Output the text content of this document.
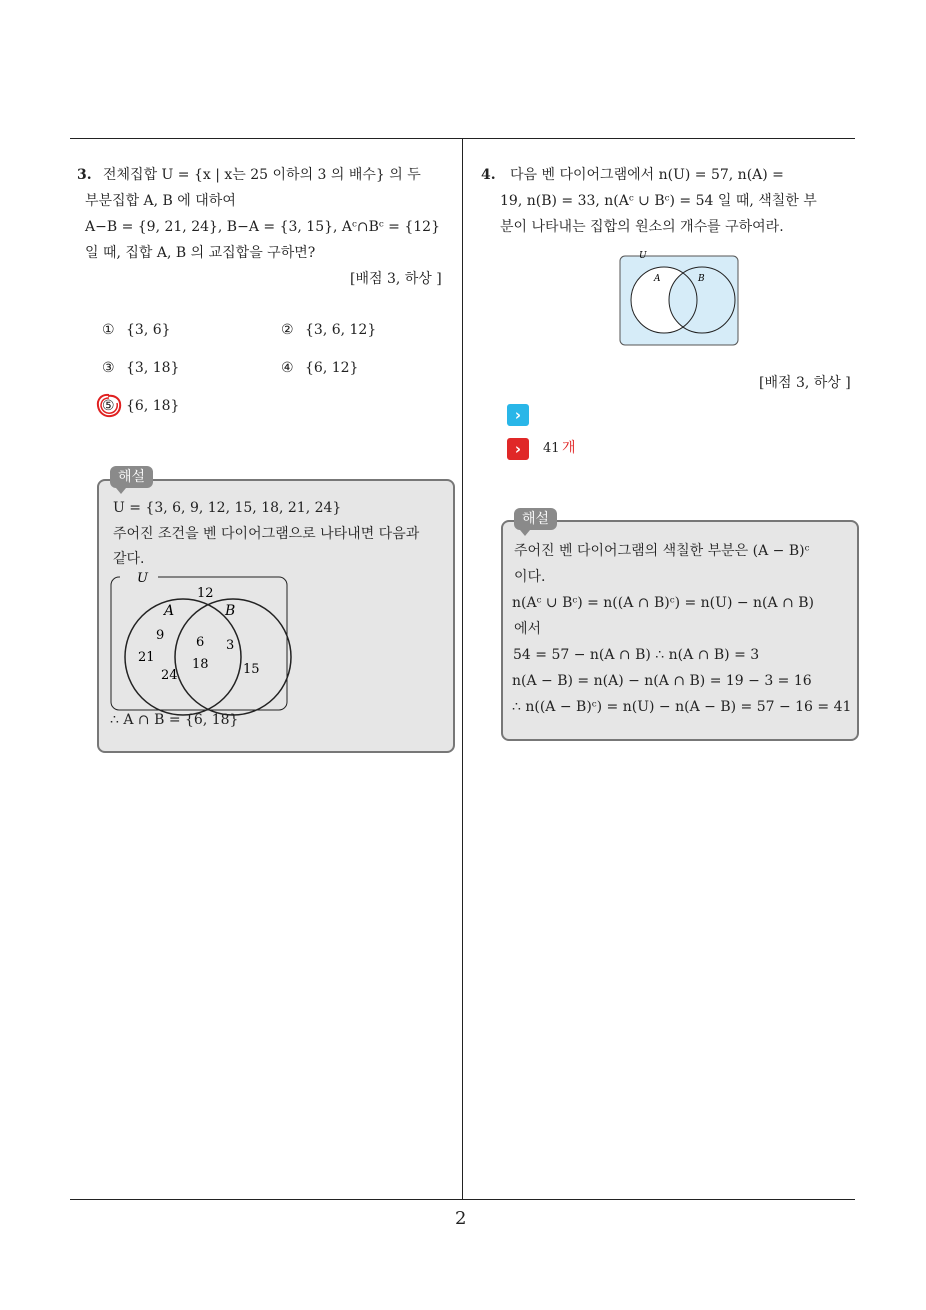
2
3. 전체집합 U = {x | x는 25 이하의 3 의 배수} 의 두
부분집합 A, B 에 대하여
A−B = {9, 21, 24}, B−A = {3, 15}, Aᶜ∩Bᶜ = {12}
일 때, 집합 A, B 의 교집합을 구하면?
[배점 3, 하상 ]
① {3, 6}	② {3, 6, 12}
③ {3, 18}	④ {6, 12}
⑤ {6, 18}
해설
U = {3, 6, 9, 12, 15, 18, 21, 24}
주어진 조건을 벤 다이어그램으로 나타내면 다음과
같다.
U
A	B
12
9
21
24
6
18
3
15
∴ A ∩ B = {6, 18}
4. 다음 벤 다이어그램에서 n(U) = 57, n(A) =
19, n(B) = 33, n(Aᶜ ∪ Bᶜ) = 54 일 때, 색칠한 부
분이 나타내는 집합의 원소의 개수를 구하여라.
U
A	B
[배점 3, 하상 ]
›
›	41 개
해설
주어진 벤 다이어그램의 색칠한 부분은 (A − B)ᶜ
이다.
n(Aᶜ ∪ Bᶜ) = n((A ∩ B)ᶜ) = n(U) − n(A ∩ B)
에서
54 = 57 − n(A ∩ B) ∴ n(A ∩ B) = 3
n(A − B) = n(A) − n(A ∩ B) = 19 − 3 = 16
∴ n((A − B)ᶜ) = n(U) − n(A − B) = 57 − 16 = 41
